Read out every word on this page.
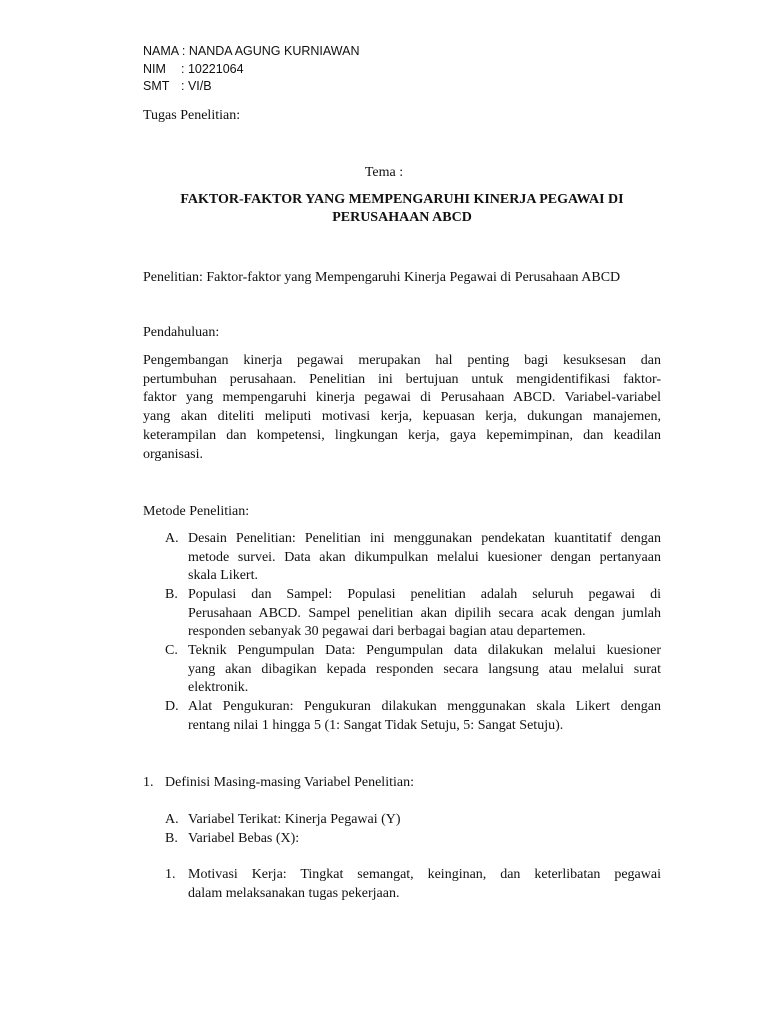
NAMA : NANDA AGUNG KURNIAWAN
NIM : 10221064
SMT : VI/B
Tugas Penelitian:
Tema :
FAKTOR-FAKTOR YANG MEMPENGARUHI KINERJA PEGAWAI DI
PERUSAHAAN ABCD
Penelitian: Faktor-faktor yang Mempengaruhi Kinerja Pegawai di Perusahaan ABCD
Pendahuluan:
Pengembangan kinerja pegawai merupakan hal penting bagi kesuksesan dan
pertumbuhan perusahaan. Penelitian ini bertujuan untuk mengidentifikasi faktor-
faktor yang mempengaruhi kinerja pegawai di Perusahaan ABCD. Variabel-variabel
yang akan diteliti meliputi motivasi kerja, kepuasan kerja, dukungan manajemen,
keterampilan dan kompetensi, lingkungan kerja, gaya kepemimpinan, dan keadilan
organisasi.
Metode Penelitian:
A. Desain Penelitian: Penelitian ini menggunakan pendekatan kuantitatif dengan
metode survei. Data akan dikumpulkan melalui kuesioner dengan pertanyaan
skala Likert.
B. Populasi dan Sampel: Populasi penelitian adalah seluruh pegawai di
Perusahaan ABCD. Sampel penelitian akan dipilih secara acak dengan jumlah
responden sebanyak 30 pegawai dari berbagai bagian atau departemen.
C. Teknik Pengumpulan Data: Pengumpulan data dilakukan melalui kuesioner
yang akan dibagikan kepada responden secara langsung atau melalui surat
elektronik.
D. Alat Pengukuran: Pengukuran dilakukan menggunakan skala Likert dengan
rentang nilai 1 hingga 5 (1: Sangat Tidak Setuju, 5: Sangat Setuju).
1. Definisi Masing-masing Variabel Penelitian:
A. Variabel Terikat: Kinerja Pegawai (Y)
B. Variabel Bebas (X):
1. Motivasi Kerja: Tingkat semangat, keinginan, dan keterlibatan pegawai
dalam melaksanakan tugas pekerjaan.
